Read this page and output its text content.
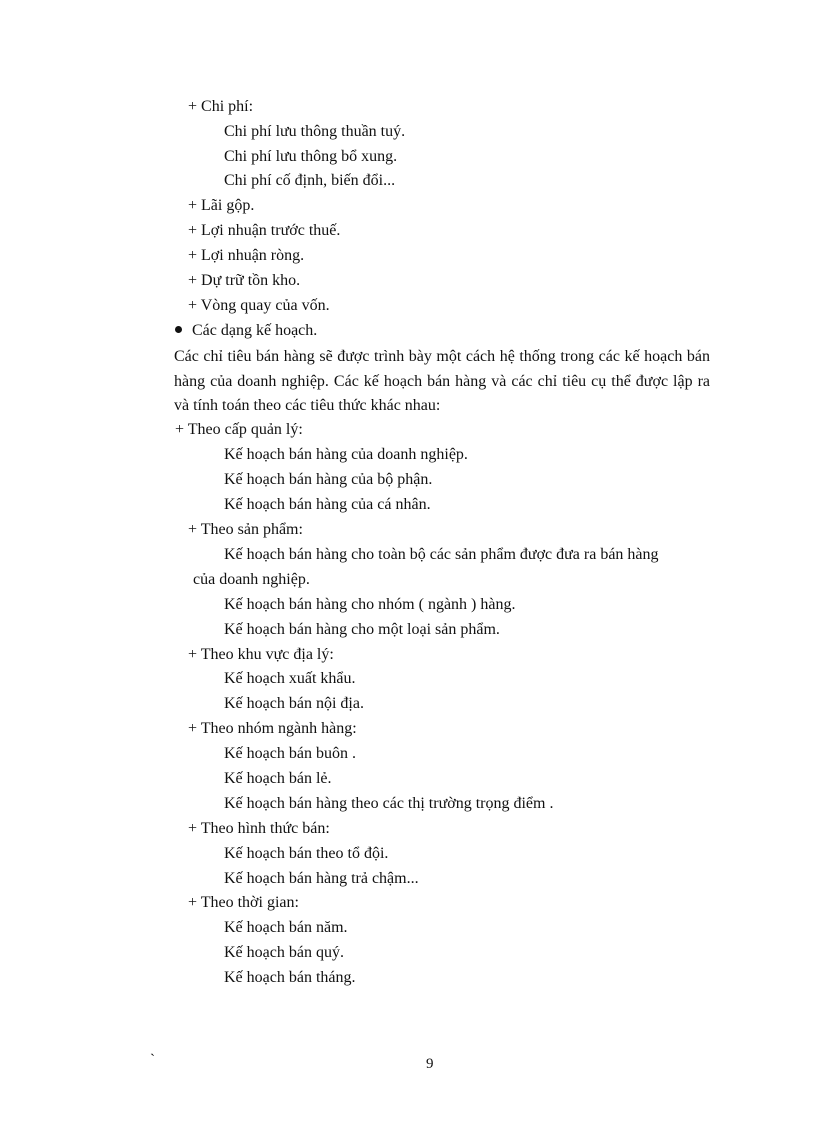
+ Chi phí:
Chi phí lưu thông thuần tuý.
Chi phí lưu thông bổ xung.
Chi phí cố định, biến đổi...
+ Lãi gộp.
+ Lợi nhuận trước thuế.
+ Lợi nhuận ròng.
+ Dự trữ tồn kho.
+ Vòng quay của vốn.
Các dạng kế hoạch.
Các chỉ tiêu bán hàng sẽ được trình bày một cách hệ thống trong các kế hoạch bán hàng của doanh nghiệp. Các kế hoạch bán hàng và các chỉ tiêu cụ thể được lập ra và tính toán theo các tiêu thức khác nhau:
+ Theo cấp quản lý:
Kế hoạch bán hàng của doanh nghiệp.
Kế hoạch bán hàng của bộ phận.
Kế hoạch bán hàng của cá nhân.
+ Theo sản phẩm:
Kế hoạch bán hàng cho toàn bộ các sản phẩm được đưa ra bán hàng
của doanh nghiệp.
Kế hoạch bán hàng cho nhóm ( ngành ) hàng.
Kế hoạch bán hàng cho một loại sản phẩm.
+ Theo khu vực địa lý:
Kế hoạch xuất khẩu.
Kế hoạch bán nội địa.
+ Theo nhóm ngành hàng:
Kế hoạch bán buôn .
Kế hoạch bán lẻ.
Kế hoạch bán hàng theo các thị trường trọng điểm .
+ Theo hình thức bán:
Kế hoạch bán theo tổ đội.
Kế hoạch bán hàng trả chậm...
+ Theo thời gian:
Kế hoạch bán năm.
Kế hoạch bán quý.
Kế hoạch bán tháng.
`	9
